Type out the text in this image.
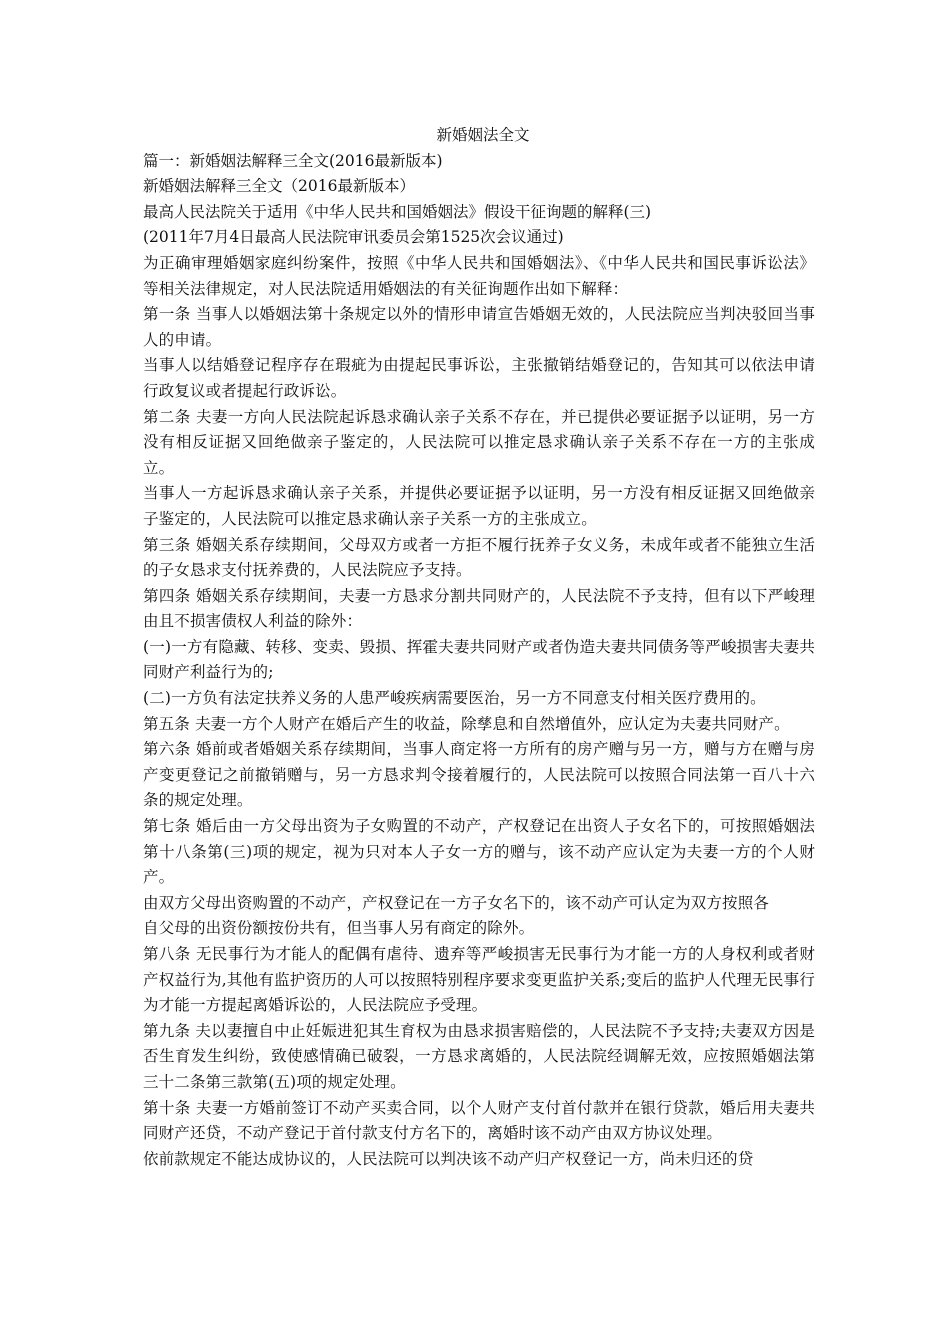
新婚姻法全文

篇一：新婚姻法解释三全文(2016最新版本)

新婚姻法解释三全文（2016最新版本）

最高人民法院关于适用《中华人民共和国婚姻法》假设干征询题的解释(三)

(2011年7月4日最高人民法院审讯委员会第1525次会议通过)

为正确审理婚姻家庭纠纷案件，按照《中华人民共和国婚姻法》、《中华人民共和国民事诉讼法》等相关法律规定，对人民法院适用婚姻法的有关征询题作出如下解释：

第一条 当事人以婚姻法第十条规定以外的情形申请宣告婚姻无效的，人民法院应当判决驳回当事人的申请。

当事人以结婚登记程序存在瑕疵为由提起民事诉讼，主张撤销结婚登记的，告知其可以依法申请行政复议或者提起行政诉讼。

第二条 夫妻一方向人民法院起诉恳求确认亲子关系不存在，并已提供必要证据予以证明，另一方没有相反证据又回绝做亲子鉴定的，人民法院可以推定恳求确认亲子关系不存在一方的主张成立。

当事人一方起诉恳求确认亲子关系，并提供必要证据予以证明，另一方没有相反证据又回绝做亲子鉴定的，人民法院可以推定恳求确认亲子关系一方的主张成立。

第三条 婚姻关系存续期间，父母双方或者一方拒不履行抚养子女义务，未成年或者不能独立生活的子女恳求支付抚养费的，人民法院应予支持。

第四条 婚姻关系存续期间，夫妻一方恳求分割共同财产的，人民法院不予支持，但有以下严峻理由且不损害债权人利益的除外：

(一)一方有隐藏、转移、变卖、毁损、挥霍夫妻共同财产或者伪造夫妻共同债务等严峻损害夫妻共同财产利益行为的;

(二)一方负有法定扶养义务的人患严峻疾病需要医治，另一方不同意支付相关医疗费用的。

第五条 夫妻一方个人财产在婚后产生的收益，除孳息和自然增值外，应认定为夫妻共同财产。

第六条 婚前或者婚姻关系存续期间，当事人商定将一方所有的房产赠与另一方，赠与方在赠与房产变更登记之前撤销赠与，另一方恳求判令接着履行的，人民法院可以按照合同法第一百八十六条的规定处理。

第七条 婚后由一方父母出资为子女购置的不动产，产权登记在出资人子女名下的，可按照婚姻法第十八条第(三)项的规定，视为只对本人子女一方的赠与，该不动产应认定为夫妻一方的个人财产。

由双方父母出资购置的不动产，产权登记在一方子女名下的，该不动产可认定为双方按照各

自父母的出资份额按份共有，但当事人另有商定的除外。

第八条 无民事行为才能人的配偶有虐待、遗弃等严峻损害无民事行为才能一方的人身权利或者财产权益行为,其他有监护资历的人可以按照特别程序要求变更监护关系;变后的监护人代理无民事行为才能一方提起离婚诉讼的，人民法院应予受理。

第九条 夫以妻擅自中止妊娠进犯其生育权为由恳求损害赔偿的，人民法院不予支持;夫妻双方因是否生育发生纠纷，致使感情确已破裂，一方恳求离婚的，人民法院经调解无效，应按照婚姻法第三十二条第三款第(五)项的规定处理。

第十条 夫妻一方婚前签订不动产买卖合同，以个人财产支付首付款并在银行贷款，婚后用夫妻共同财产还贷，不动产登记于首付款支付方名下的，离婚时该不动产由双方协议处理。

依前款规定不能达成协议的，人民法院可以判决该不动产归产权登记一方，尚未归还的贷
